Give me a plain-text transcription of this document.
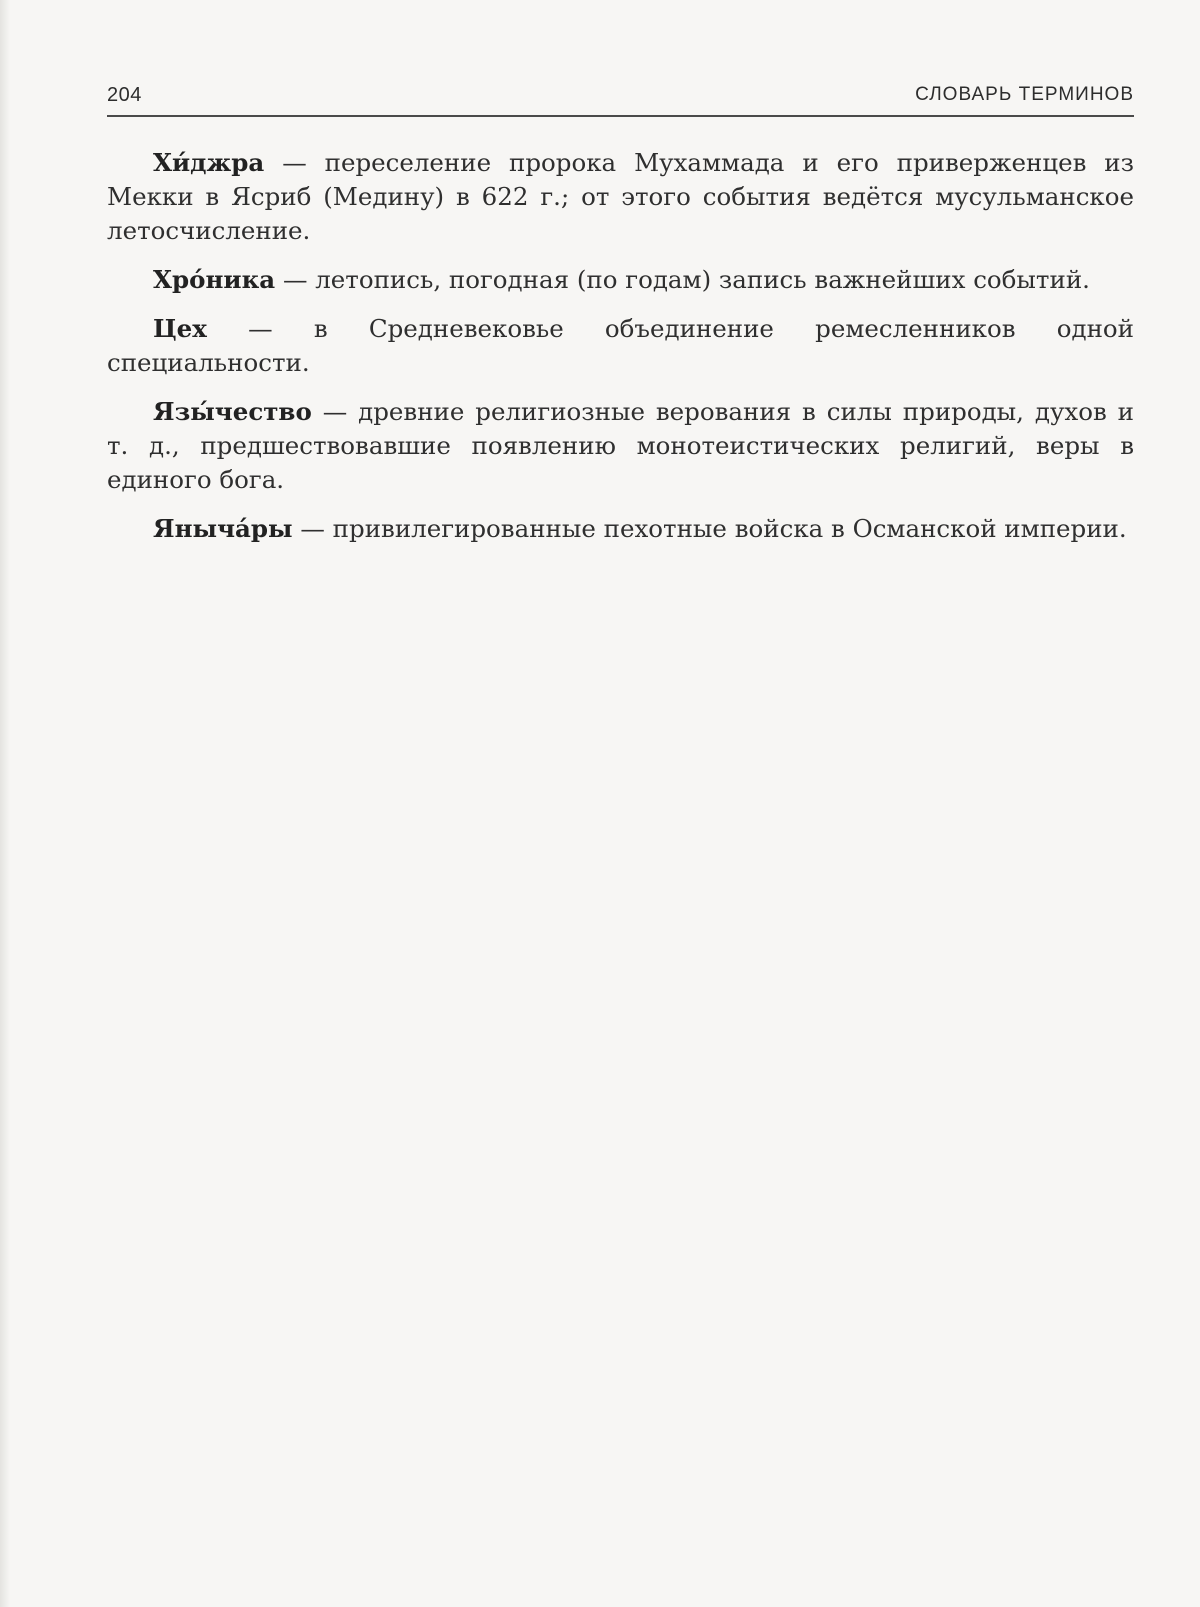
204	СЛОВАРЬ ТЕРМИНОВ

Хи́джра — переселение пророка Мухаммада и его приверженцев из Мекки в Ясриб (Медину) в 622 г.; от этого события ведётся мусульманское летосчисление.

Хро́ника — летопись, погодная (по годам) запись важнейших событий.

Цех — в Средневековье объединение ремесленников одной специальности.

Язы́чество — древние религиозные верования в силы природы, духов и т. д., предшествовавшие появлению монотеистических религий, веры в единого бога.

Янычáры — привилегированные пехотные войска в Османской империи.
